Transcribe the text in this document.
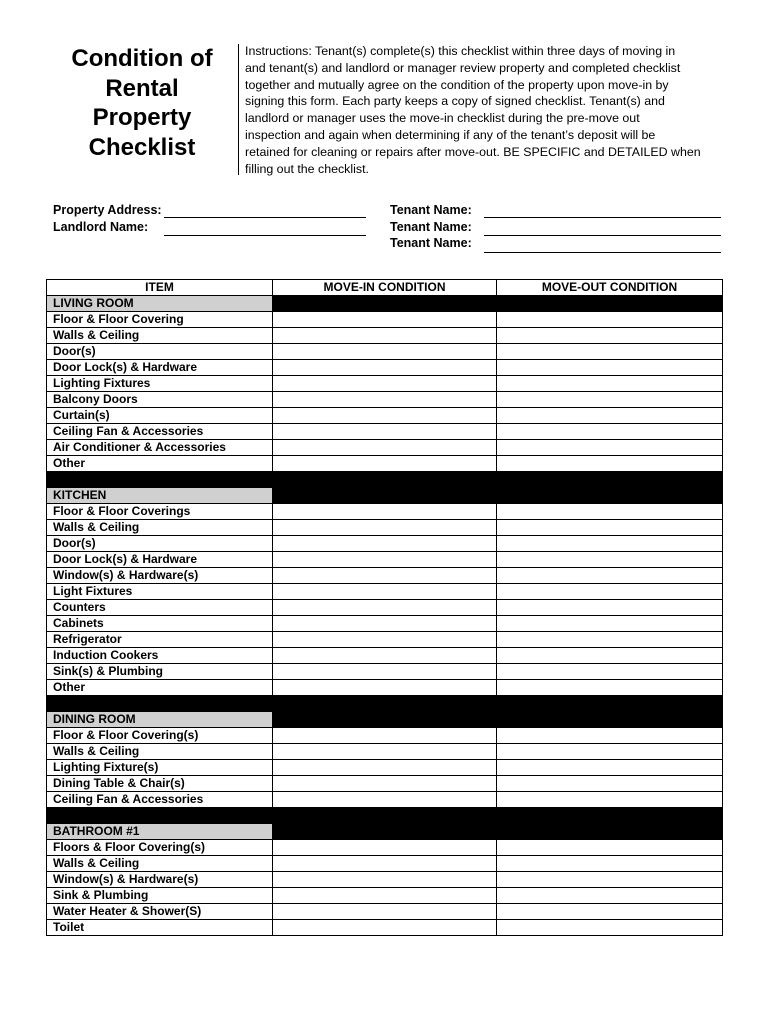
Condition of Rental Property Checklist
Instructions: Tenant(s) complete(s) this checklist within three days of moving in
and tenant(s) and landlord or manager review property and completed checklist
together and mutually agree on the condition of the property upon move-in by
signing this form. Each party keeps a copy of signed checklist. Tenant(s) and
landlord or manager uses the move-in checklist during the pre-move out
inspection and again when determining if any of the tenant’s deposit will be
retained for cleaning or repairs after move-out. BE SPECIFIC and DETAILED when
filling out the checklist.
Property Address:
Landlord Name:
Tenant Name:
Tenant Name:
Tenant Name:
ITEM	MOVE-IN CONDITION	MOVE-OUT CONDITION
LIVING ROOM		
Floor & Floor Covering		
Walls & Ceiling		
Door(s)		
Door Lock(s) & Hardware		
Lighting Fixtures		
Balcony Doors		
Curtain(s)		
Ceiling Fan & Accessories		
Air Conditioner & Accessories		
Other		

KITCHEN		
Floor & Floor Coverings		
Walls & Ceiling		
Door(s)		
Door Lock(s) & Hardware		
Window(s) & Hardware(s)		
Light Fixtures		
Counters		
Cabinets		
Refrigerator		
Induction Cookers		
Sink(s) & Plumbing		
Other		

DINING ROOM		
Floor & Floor Covering(s)		
Walls & Ceiling		
Lighting Fixture(s)		
Dining Table & Chair(s)		
Ceiling Fan & Accessories		

BATHROOM #1		
Floors & Floor Covering(s)		
Walls & Ceiling		
Window(s) & Hardware(s)		
Sink & Plumbing		
Water Heater & Shower(S)		
Toilet		
